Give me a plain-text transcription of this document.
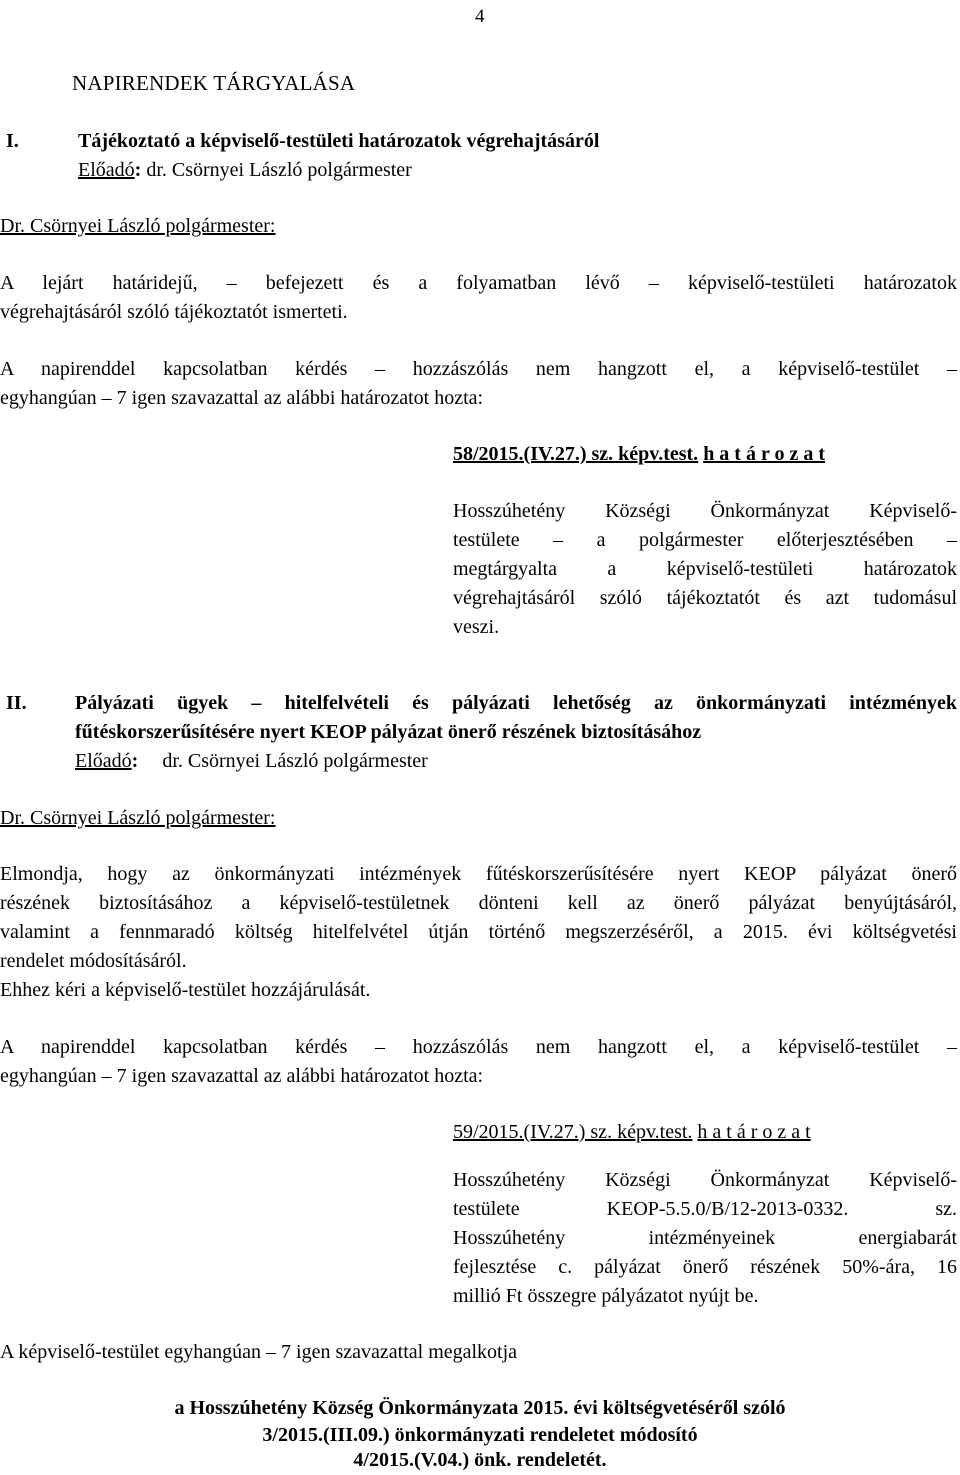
4
NAPIRENDEK TÁRGYALÁSA
I.	Tájékoztató a képviselő-testületi határozatok végrehajtásáról
Előadó: dr. Csörnyei László polgármester
Dr. Csörnyei László polgármester:
A lejárt határidejű, – befejezett és a folyamatban lévő – képviselő-testületi határozatok
végrehajtásáról szóló tájékoztatót ismerteti.
A napirenddel kapcsolatban kérdés – hozzászólás nem hangzott el, a képviselő-testület –
egyhangúan – 7 igen szavazattal az alábbi határozatot hozta:
58/2015.(IV.27.) sz. képv.test. h a t á r o z a t
Hosszúhetény Községi Önkormányzat Képviselő-
testülete – a polgármester előterjesztésében –
megtárgyalta a képviselő-testületi határozatok
végrehajtásáról szóló tájékoztatót és azt tudomásul
veszi.
II. Pályázati ügyek – hitelfelvételi és pályázati lehetőség az önkormányzati intézmények
fűtéskorszerűsítésére nyert KEOP pályázat önerő részének biztosításához
Előadó: dr. Csörnyei László polgármester
Dr. Csörnyei László polgármester:
Elmondja, hogy az önkormányzati intézmények fűtéskorszerűsítésére nyert KEOP pályázat önerő
részének biztosításához a képviselő-testületnek dönteni kell az önerő pályázat benyújtásáról,
valamint a fennmaradó költség hitelfelvétel útján történő megszerzéséről, a 2015. évi költségvetési
rendelet módosításáról.
Ehhez kéri a képviselő-testület hozzájárulását.
A napirenddel kapcsolatban kérdés – hozzászólás nem hangzott el, a képviselő-testület –
egyhangúan – 7 igen szavazattal az alábbi határozatot hozta:
59/2015.(IV.27.) sz. képv.test. h a t á r o z a t
Hosszúhetény Községi Önkormányzat Képviselő-
testülete KEOP-5.5.0/B/12-2013-0332. sz.
Hosszúhetény intézményeinek energiabarát
fejlesztése c. pályázat önerő részének 50%-ára, 16
millió Ft összegre pályázatot nyújt be.
A képviselő-testület egyhangúan – 7 igen szavazattal megalkotja
a Hosszúhetény Község Önkormányzata 2015. évi költségvetéséről szóló
3/2015.(III.09.) önkormányzati rendeletet módosító
4/2015.(V.04.) önk. rendeletét.
